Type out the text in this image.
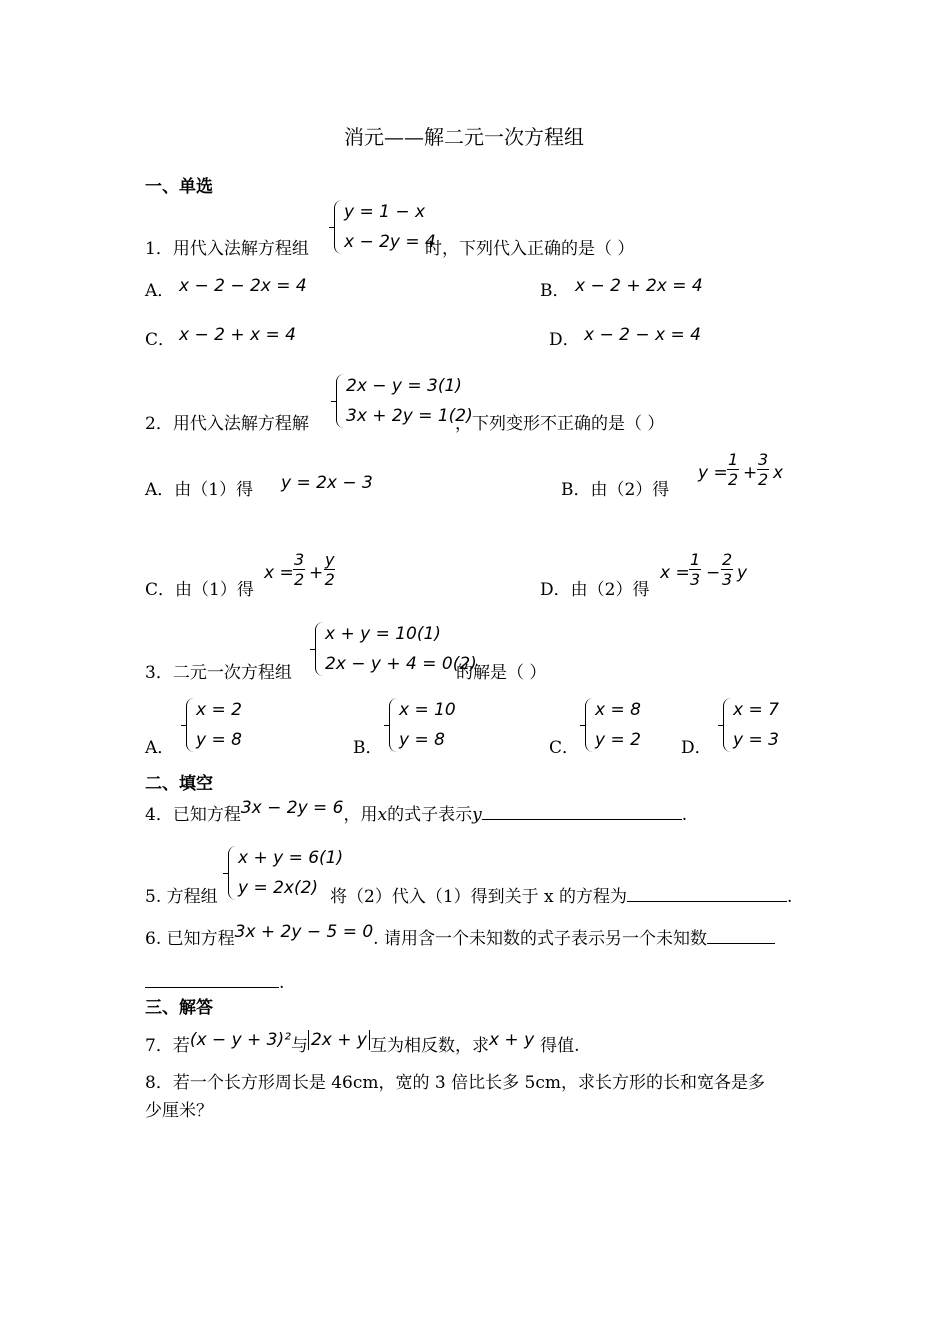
消元——解二元一次方程组
一、单选
1．用代入法解方程组
y = 1 − x
x − 2y = 4
时，下列代入正确的是（ ）
A． x − 2 − 2x = 4	B． x − 2 + 2x = 4
C． x − 2 + x = 4	D． x − 2 − x = 4
2．用代入法解方程解
2x − y = 3(1)
3x + 2y = 1(2)
，下列变形不正确的是（ ）
A．由（1）得 y = 2x − 3	B．由（2）得
$y = \frac{1}{2} + \frac{3}{2}$ x
C．由（1）得
$x = \frac{3}{2} + \frac{y}{2}$
D．由（2）得
$x = \frac{1}{3} - \frac{2}{3}$ y
3．二元一次方程组
x + y = 10(1)
2x − y + 4 = 0(2)
的解是（ ）
A．
x = 2
y = 8	B．
x = 10
y = 8	C．
x = 8
y = 2 D．
x = 7
y = 3
二、填空
4．已知方程3x − 2y = 6，用x的式子表示y	.
5. 方程组
x + y = 6(1)
y = 2x(2) 将（2）代入（1）得到关于 x 的方程为	.
6. 已知方程3x + 2y − 5 = 0. 请用含一个未知数的式子表示另一个未知数
.
三、解答
7．若(x − y + 3)²与 2x + y 互为相反数，求x + y 得值.
8．若一个长方形周长是 46cm，宽的 3 倍比长多 5cm，求长方形的长和宽各是多
少厘米？
